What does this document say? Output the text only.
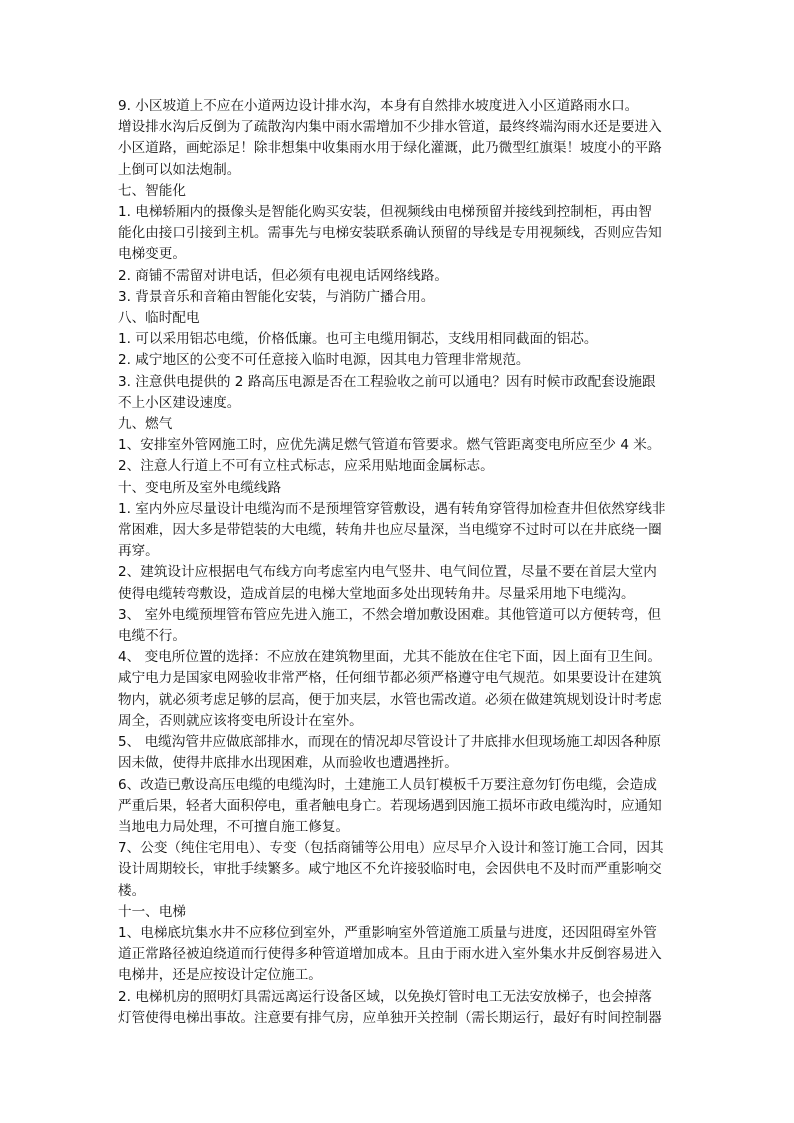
9. 小区坡道上不应在小道两边设计排水沟，本身有自然排水坡度进入小区道路雨水口。
增设排水沟后反倒为了疏散沟内集中雨水需增加不少排水管道，最终终端沟雨水还是要进入
小区道路，画蛇添足！除非想集中收集雨水用于绿化灌溉，此乃微型红旗渠！坡度小的平路
上倒可以如法炮制。
七、智能化
1. 电梯轿厢内的摄像头是智能化购买安装，但视频线由电梯预留并接线到控制柜，再由智
能化由接口引接到主机。需事先与电梯安装联系确认预留的导线是专用视频线，否则应告知
电梯变更。
2. 商铺不需留对讲电话，但必须有电视电话网络线路。
3. 背景音乐和音箱由智能化安装，与消防广播合用。
八、临时配电
1. 可以采用铝芯电缆，价格低廉。也可主电缆用铜芯，支线用相同截面的铝芯。
2. 咸宁地区的公变不可任意接入临时电源，因其电力管理非常规范。
3. 注意供电提供的 2 路高压电源是否在工程验收之前可以通电？因有时候市政配套设施跟
不上小区建设速度。
九、燃气
1、安排室外管网施工时，应优先满足燃气管道布管要求。燃气管距离变电所应至少 4 米。
2、注意人行道上不可有立柱式标志，应采用贴地面金属标志。
十、变电所及室外电缆线路
1. 室内外应尽量设计电缆沟而不是预埋管穿管敷设，遇有转角穿管得加检查井但依然穿线非
常困难，因大多是带铠装的大电缆，转角井也应尽量深，当电缆穿不过时可以在井底绕一圈
再穿。
2、建筑设计应根据电气布线方向考虑室内电气竖井、电气间位置，尽量不要在首层大堂内
使得电缆转弯敷设，造成首层的电梯大堂地面多处出现转角井。尽量采用地下电缆沟。
3、 室外电缆预埋管布管应先进入施工，不然会增加敷设困难。其他管道可以方便转弯，但
电缆不行。
4、 变电所位置的选择：不应放在建筑物里面，尤其不能放在住宅下面，因上面有卫生间。
咸宁电力是国家电网验收非常严格，任何细节都必须严格遵守电气规范。如果要设计在建筑
物内，就必须考虑足够的层高，便于加夹层，水管也需改道。必须在做建筑规划设计时考虑
周全，否则就应该将变电所设计在室外。
5、 电缆沟管井应做底部排水，而现在的情况却尽管设计了井底排水但现场施工却因各种原
因未做，使得井底排水出现困难，从而验收也遭遇挫折。
6、改造已敷设高压电缆的电缆沟时，土建施工人员钉模板千万要注意勿钉伤电缆，会造成
严重后果，轻者大面积停电，重者触电身亡。若现场遇到因施工损坏市政电缆沟时，应通知
当地电力局处理，不可擅自施工修复。
7、公变（纯住宅用电）、专变（包括商铺等公用电）应尽早介入设计和签订施工合同，因其
设计周期较长，审批手续繁多。咸宁地区不允许接驳临时电，会因供电不及时而严重影响交
楼。
十一、电梯
1、电梯底坑集水井不应移位到室外，严重影响室外管道施工质量与进度，还因阻碍室外管
道正常路径被迫绕道而行使得多种管道增加成本。且由于雨水进入室外集水井反倒容易进入
电梯井，还是应按设计定位施工。
2. 电梯机房的照明灯具需远离运行设备区域，以免换灯管时电工无法安放梯子，也会掉落
灯管使得电梯出事故。注意要有排气房，应单独开关控制（需长期运行，最好有时间控制器
